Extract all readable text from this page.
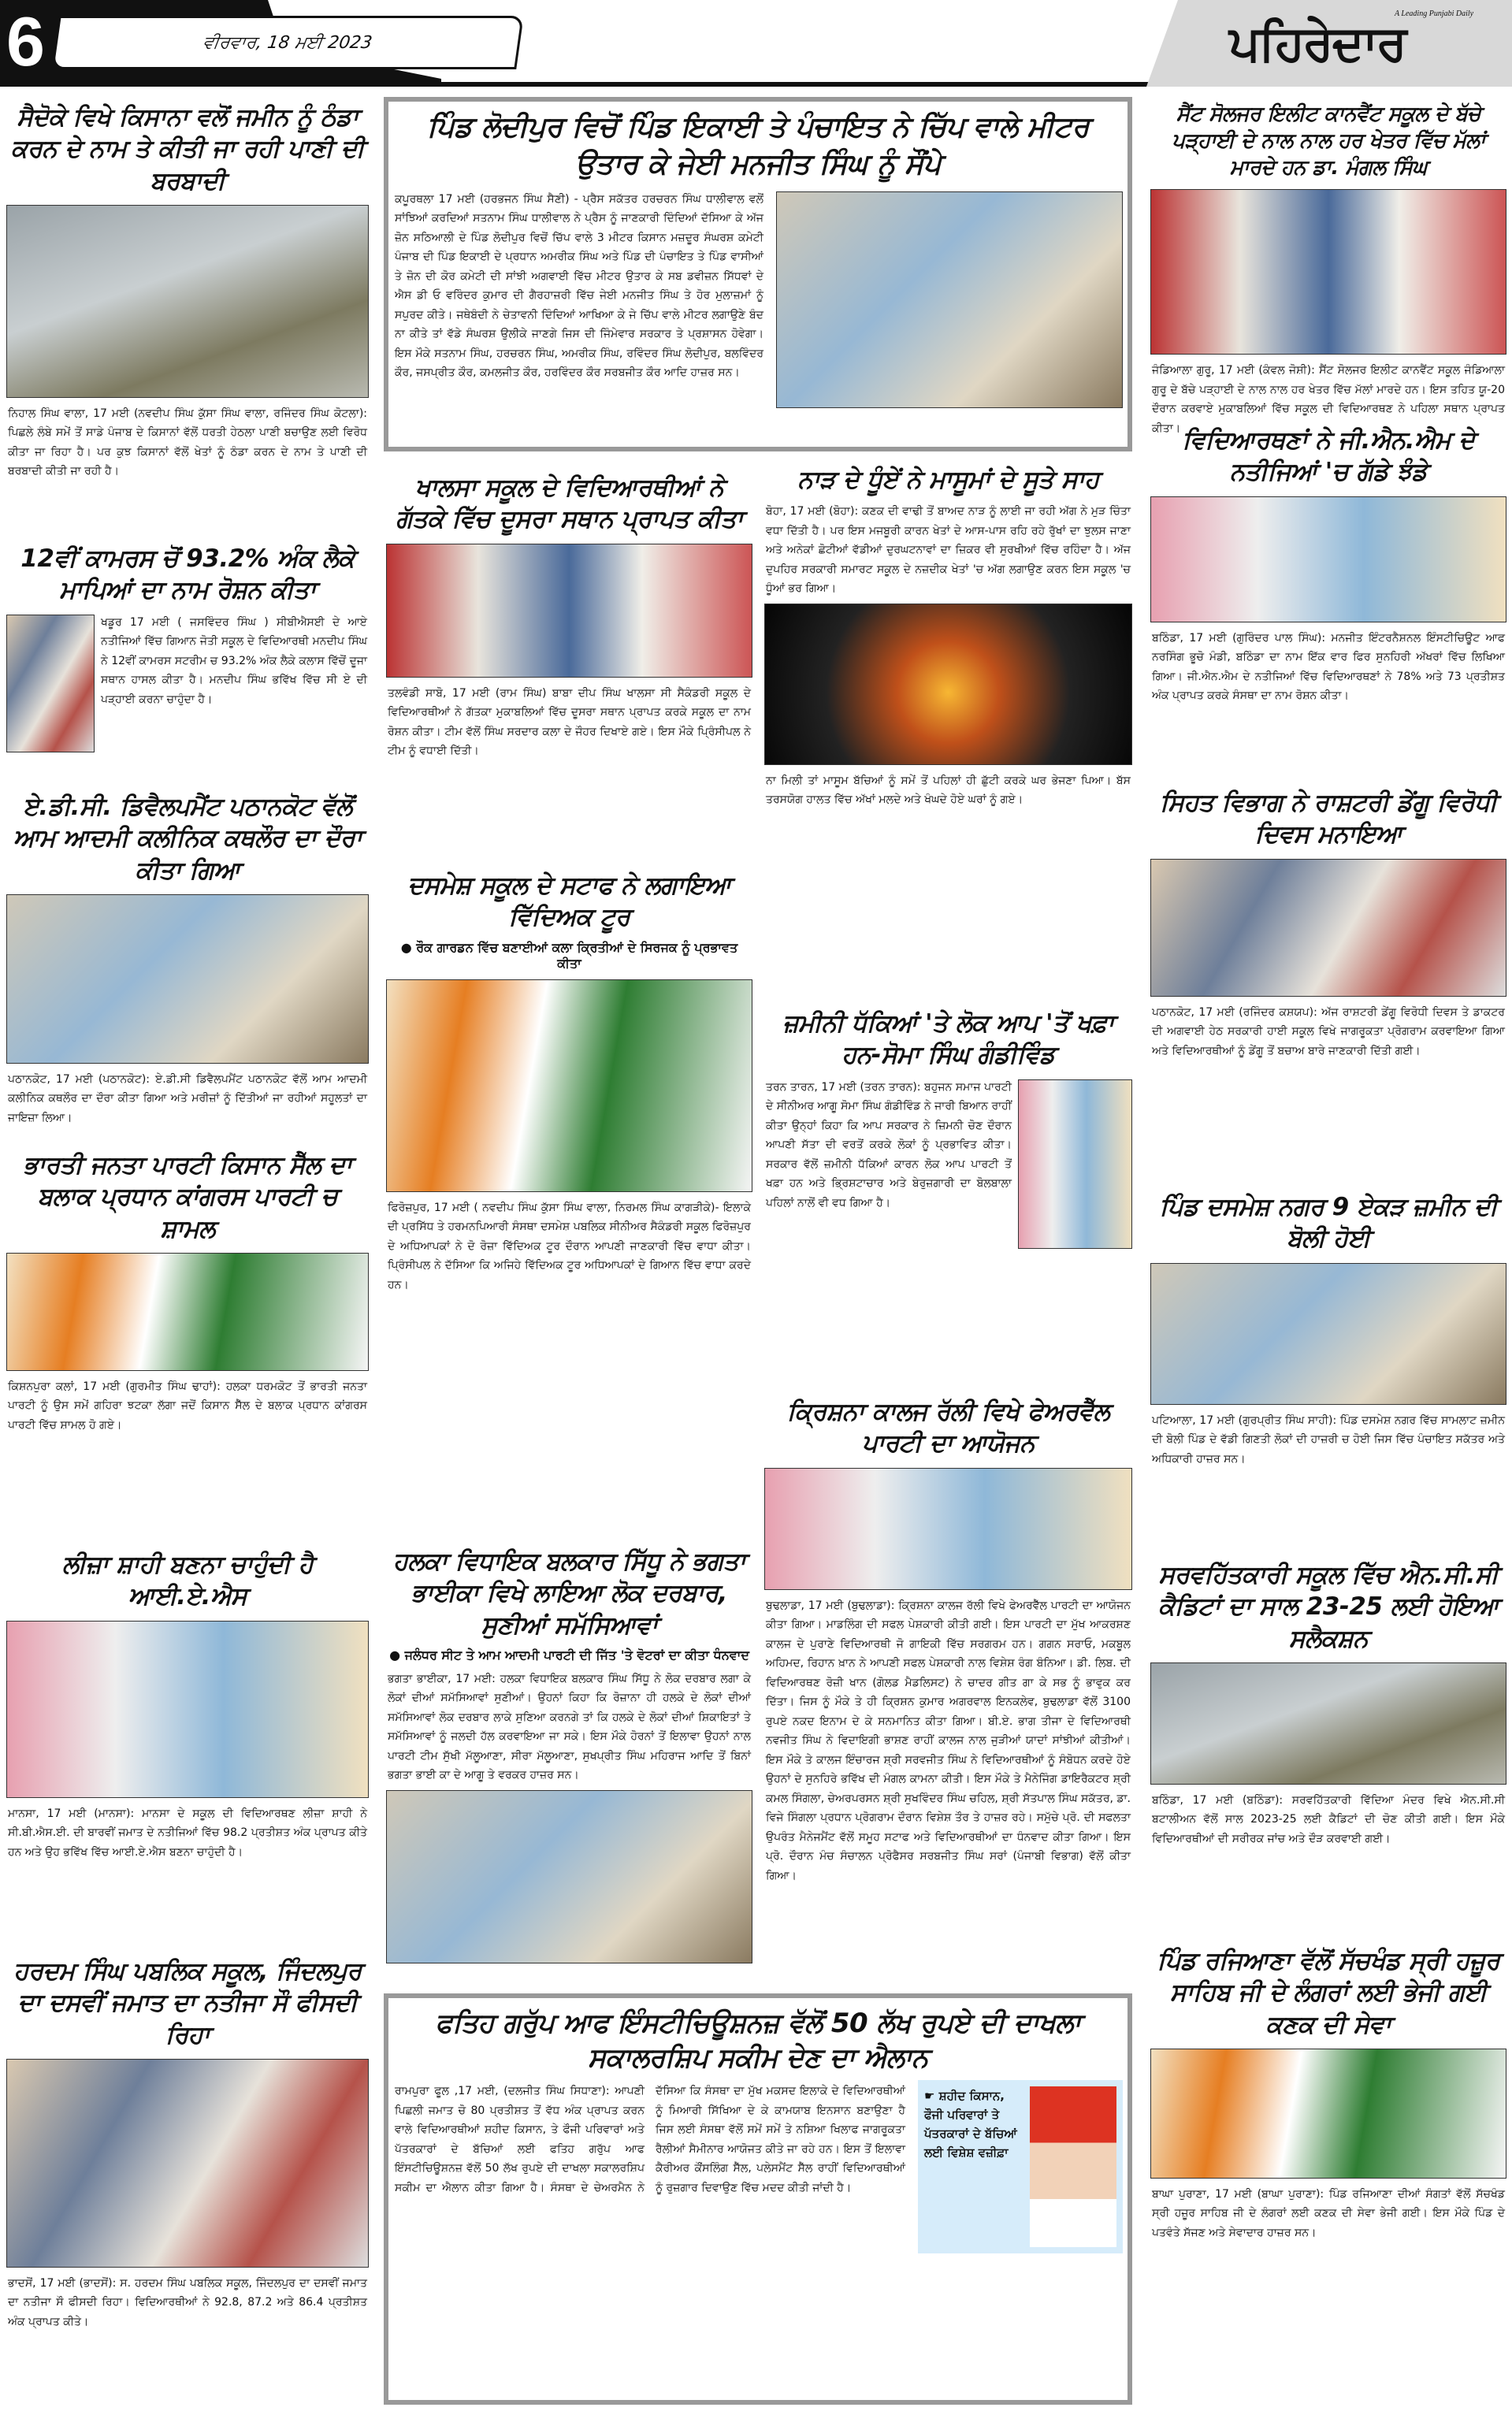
6	ਵੀਰਵਾਰ, 18 ਮਈ 2023	ਪਹਿਰੇਦਾਰ
A Leading Punjabi Daily
ਸੈਦੋਕੇ ਵਿਖੇ ਕਿਸਾਨਾ ਵਲੋਂ ਜਮੀਨ ਨੂੰ ਠੰਡਾ ਕਰਨ ਦੇ ਨਾਮ ਤੇ ਕੀਤੀ ਜਾ ਰਹੀ ਪਾਣੀ ਦੀ ਬਰਬਾਦੀ
ਨਿਹਾਲ ਸਿੰਘ ਵਾਲਾ, 17 ਮਈ (ਨਵਦੀਪ ਸਿੰਘ ਕੁੱਸਾ ਸਿੰਘ ਵਾਲਾ, ਰਜਿੰਦਰ ਸਿੰਘ ਕੋਟਲਾ): ਪਿਛਲੇ ਲੰਬੇ ਸਮੇਂ ਤੋਂ ਸਾਡੇ ਪੰਜਾਬ ਦੇ ਕਿਸਾਨਾਂ ਵੱਲੋਂ ਧਰਤੀ ਹੇਠਲਾ ਪਾਣੀ ਬਚਾਉਣ ਲਈ ਵਿਰੋਧ ਕੀਤਾ ਜਾ ਰਿਹਾ ਹੈ। ਪਰ ਕੁਝ ਕਿਸਾਨਾਂ ਵੱਲੋਂ ਖੇਤਾਂ ਨੂੰ ਠੰਡਾ ਕਰਨ ਦੇ ਨਾਮ ਤੇ ਪਾਣੀ ਦੀ ਬਰਬਾਦੀ ਕੀਤੀ ਜਾ ਰਹੀ ਹੈ।
12ਵੀਂ ਕਾਮਰਸ ਚੋਂ 93.2% ਅੰਕ ਲੈਕੇ ਮਾਪਿਆਂ ਦਾ ਨਾਮ ਰੋਸ਼ਨ ਕੀਤਾ
ਖਡੂਰ 17 ਮਈ ( ਜਸਵਿੰਦਰ ਸਿੰਘ ) ਸੀਬੀਐਸਈ ਦੇ ਆਏ ਨਤੀਜਿਆਂ ਵਿੱਚ ਗਿਆਨ ਜੋਤੀ ਸਕੂਲ ਦੇ ਵਿਦਿਆਰਥੀ ਮਨਦੀਪ ਸਿੰਘ ਨੇ 12ਵੀਂ ਕਾਮਰਸ ਸਟਰੀਮ ਚ 93.2% ਅੰਕ ਲੈਕੇ ਕਲਾਸ ਵਿੱਚੋਂ ਦੂਜਾ ਸਥਾਨ ਹਾਸਲ ਕੀਤਾ ਹੈ। ਮਨਦੀਪ ਸਿੰਘ ਭਵਿੱਖ ਵਿੱਚ ਸੀ ਏ ਦੀ ਪੜ੍ਹਾਈ ਕਰਨਾ ਚਾਹੁੰਦਾ ਹੈ।
ਏ.ਡੀ.ਸੀ. ਡਿਵੈਲਪਮੈਂਟ ਪਠਾਨਕੋਟ ਵੱਲੋਂ ਆਮ ਆਦਮੀ ਕਲੀਨਿਕ ਕਥਲੌਰ ਦਾ ਦੌਰਾ ਕੀਤਾ ਗਿਆ
ਪਠਾਨਕੋਟ, 17 ਮਈ (ਪਠਾਨਕੋਟ): ਏ.ਡੀ.ਸੀ ਡਿਵੈਲਪਮੈਂਟ ਪਠਾਨਕੋਟ ਵੱਲੋਂ ਆਮ ਆਦਮੀ ਕਲੀਨਿਕ ਕਥਲੌਰ ਦਾ ਦੌਰਾ ਕੀਤਾ ਗਿਆ ਅਤੇ ਮਰੀਜ਼ਾਂ ਨੂੰ ਦਿੱਤੀਆਂ ਜਾ ਰਹੀਆਂ ਸਹੂਲਤਾਂ ਦਾ ਜਾਇਜ਼ਾ ਲਿਆ।
ਭਾਰਤੀ ਜਨਤਾ ਪਾਰਟੀ ਕਿਸਾਨ ਸੈੱਲ ਦਾ ਬਲਾਕ ਪ੍ਰਧਾਨ ਕਾਂਗਰਸ ਪਾਰਟੀ ਚ ਸ਼ਾਮਲ
ਕਿਸ਼ਨਪੁਰਾ ਕਲਾਂ, 17 ਮਈ (ਗੁਰਮੀਤ ਸਿੰਘ ਢਾਹਾਂ): ਹਲਕਾ ਧਰਮਕੋਟ ਤੋਂ ਭਾਰਤੀ ਜਨਤਾ ਪਾਰਟੀ ਨੂੰ ਉਸ ਸਮੇਂ ਗਹਿਰਾ ਝਟਕਾ ਲੱਗਾ ਜਦੋਂ ਕਿਸਾਨ ਸੈੱਲ ਦੇ ਬਲਾਕ ਪ੍ਰਧਾਨ ਕਾਂਗਰਸ ਪਾਰਟੀ ਵਿੱਚ ਸ਼ਾਮਲ ਹੋ ਗਏ।
ਲੀਜ਼ਾ ਸ਼ਾਹੀ ਬਣਨਾ ਚਾਹੁੰਦੀ ਹੈ ਆਈ.ਏ.ਐਸ
ਮਾਨਸਾ, 17 ਮਈ (ਮਾਨਸਾ): ਮਾਨਸਾ ਦੇ ਸਕੂਲ ਦੀ ਵਿਦਿਆਰਥਣ ਲੀਜ਼ਾ ਸ਼ਾਹੀ ਨੇ ਸੀ.ਬੀ.ਐਸ.ਈ. ਦੀ ਬਾਰਵੀਂ ਜਮਾਤ ਦੇ ਨਤੀਜਿਆਂ ਵਿੱਚ 98.2 ਪ੍ਰਤੀਸ਼ਤ ਅੰਕ ਪ੍ਰਾਪਤ ਕੀਤੇ ਹਨ ਅਤੇ ਉਹ ਭਵਿੱਖ ਵਿੱਚ ਆਈ.ਏ.ਐਸ ਬਣਨਾ ਚਾਹੁੰਦੀ ਹੈ।
ਹਰਦਮ ਸਿੰਘ ਪਬਲਿਕ ਸਕੂਲ, ਜਿੰਦਲਪੁਰ ਦਾ ਦਸਵੀਂ ਜਮਾਤ ਦਾ ਨਤੀਜਾ ਸੌ ਫੀਸਦੀ ਰਿਹਾ
ਭਾਦਸੋਂ, 17 ਮਈ (ਭਾਦਸੋਂ): ਸ. ਹਰਦਮ ਸਿੰਘ ਪਬਲਿਕ ਸਕੂਲ, ਜਿੰਦਲਪੁਰ ਦਾ ਦਸਵੀਂ ਜਮਾਤ ਦਾ ਨਤੀਜਾ ਸੌ ਫੀਸਦੀ ਰਿਹਾ। ਵਿਦਿਆਰਥੀਆਂ ਨੇ 92.8, 87.2 ਅਤੇ 86.4 ਪ੍ਰਤੀਸ਼ਤ ਅੰਕ ਪ੍ਰਾਪਤ ਕੀਤੇ।
ਪਿੰਡ ਲੋਦੀਪੁਰ ਵਿਚੋਂ ਪਿੰਡ ਇਕਾਈ ਤੇ ਪੰਚਾਇਤ ਨੇ ਚਿੱਪ ਵਾਲੇ ਮੀਟਰ ਉਤਾਰ ਕੇ ਜੇਈ ਮਨਜੀਤ ਸਿੰਘ ਨੂੰ ਸੌਂਪੇ
ਕਪੂਰਥਲਾ 17 ਮਈ (ਹਰਭਜਨ ਸਿੰਘ ਸੈਣੀ) - ਪ੍ਰੈਸ ਸਕੱਤਰ ਹਰਚਰਨ ਸਿੰਘ ਧਾਲੀਵਾਲ ਵਲੋਂ ਸਾਂਝਿਆਂ ਕਰਦਿਆਂ ਸਤਨਾਮ ਸਿੰਘ ਧਾਲੀਵਾਲ ਨੇ ਪ੍ਰੈਸ ਨੂੰ ਜਾਣਕਾਰੀ ਦਿੰਦਿਆਂ ਦੱਸਿਆ ਕੇ ਅੱਜ ਜ਼ੋਨ ਸਠਿਆਲੀ ਦੇ ਪਿੰਡ ਲੋਦੀਪੁਰ ਵਿਚੋਂ ਚਿੱਪ ਵਾਲੇ 3 ਮੀਟਰ ਕਿਸਾਨ ਮਜ਼ਦੂਰ ਸੰਘਰਸ਼ ਕਮੇਟੀ ਪੰਜਾਬ ਦੀ ਪਿੰਡ ਇਕਾਈ ਦੇ ਪ੍ਰਧਾਨ ਅਮਰੀਕ ਸਿੰਘ ਅਤੇ ਪਿੰਡ ਦੀ ਪੰਚਾਇਤ ਤੇ ਪਿੰਡ ਵਾਸੀਆਂ ਤੇ ਜ਼ੋਨ ਦੀ ਕੋਰ ਕਮੇਟੀ ਦੀ ਸਾਂਝੀ ਅਗਵਾਈ ਵਿੱਚ ਮੀਟਰ ਉਤਾਰ ਕੇ ਸਬ ਡਵੀਜ਼ਨ ਸਿੱਧਵਾਂ ਦੇ ਐਸ ਡੀ ਓ ਵਰਿੰਦਰ ਕੁਮਾਰ ਦੀ ਗੈਰਹਾਜ਼ਰੀ ਵਿੱਚ ਜੇਈ ਮਨਜੀਤ ਸਿੰਘ ਤੇ ਹੋਰ ਮੁਲਾਜ਼ਮਾਂ ਨੂੰ ਸਪੁਰਦ ਕੀਤੇ। ਜਥੇਬੰਦੀ ਨੇ ਚੇਤਾਵਨੀ ਦਿੰਦਿਆਂ ਆਖਿਆ ਕੇ ਜੇ ਚਿੱਪ ਵਾਲੇ ਮੀਟਰ ਲਗਾਉਣੇ ਬੰਦ ਨਾ ਕੀਤੇ ਤਾਂ ਵੱਡੇ ਸੰਘਰਸ਼ ਉਲੀਕੇ ਜਾਣਗੇ ਜਿਸ ਦੀ ਜਿੰਮੇਵਾਰ ਸਰਕਾਰ ਤੇ ਪ੍ਰਸ਼ਾਸਨ ਹੋਵੇਗਾ। ਇਸ ਮੌਕੇ ਸਤਨਾਮ ਸਿੰਘ, ਹਰਚਰਨ ਸਿੰਘ, ਅਮਰੀਕ ਸਿੰਘ, ਰਵਿੰਦਰ ਸਿੰਘ ਲੋਦੀਪੁਰ, ਬਲਵਿੰਦਰ ਕੌਰ, ਜਸਪ੍ਰੀਤ ਕੌਰ, ਕਮਲਜੀਤ ਕੌਰ, ਹਰਵਿੰਦਰ ਕੌਰ ਸਰਬਜੀਤ ਕੌਰ ਆਦਿ ਹਾਜ਼ਰ ਸਨ।
ਖਾਲਸਾ ਸਕੂਲ ਦੇ ਵਿਦਿਆਰਥੀਆਂ ਨੇ ਗੱਤਕੇ ਵਿੱਚ ਦੂਸਰਾ ਸਥਾਨ ਪ੍ਰਾਪਤ ਕੀਤਾ
ਤਲਵੰਡੀ ਸਾਬੋ, 17 ਮਈ (ਰਾਮ ਸਿੰਘ) ਬਾਬਾ ਦੀਪ ਸਿੰਘ ਖਾਲਸਾ ਸੀ ਸੈਕੰਡਰੀ ਸਕੂਲ ਦੇ ਵਿਦਿਆਰਥੀਆਂ ਨੇ ਗੱਤਕਾ ਮੁਕਾਬਲਿਆਂ ਵਿੱਚ ਦੂਸਰਾ ਸਥਾਨ ਪ੍ਰਾਪਤ ਕਰਕੇ ਸਕੂਲ ਦਾ ਨਾਮ ਰੋਸ਼ਨ ਕੀਤਾ। ਟੀਮ ਵੱਲੋਂ ਸਿੰਘ ਸਰਦਾਰ ਕਲਾ ਦੇ ਜੌਹਰ ਦਿਖਾਏ ਗਏ। ਇਸ ਮੌਕੇ ਪ੍ਰਿੰਸੀਪਲ ਨੇ ਟੀਮ ਨੂੰ ਵਧਾਈ ਦਿੱਤੀ।
ਦਸਮੇਸ਼ ਸਕੂਲ ਦੇ ਸਟਾਫ ਨੇ ਲਗਾਇਆ ਵਿੱਦਿਅਕ ਟੂਰ
● ਰੌਕ ਗਾਰਡਨ ਵਿੱਚ ਬਣਾਈਆਂ ਕਲਾ ਕ੍ਰਿਤੀਆਂ ਦੇ ਸਿਰਜਕ ਨੂੰ ਪ੍ਰਭਾਵਤ ਕੀਤਾ
ਫਿਰੋਜ਼ਪੁਰ, 17 ਮਈ ( ਨਵਦੀਪ ਸਿੰਘ ਕੁੱਸਾ ਸਿੰਘ ਵਾਲਾ, ਨਿਰਮਲ ਸਿੰਘ ਕਾਗੜੀਕੇ)- ਇਲਾਕੇ ਦੀ ਪ੍ਰਸਿੱਧ ਤੇ ਹਰਮਨਪਿਆਰੀ ਸੰਸਥਾ ਦਸਮੇਸ਼ ਪਬਲਿਕ ਸੀਨੀਅਰ ਸੈਕੰਡਰੀ ਸਕੂਲ ਫਿਰੋਜ਼ਪੁਰ ਦੇ ਅਧਿਆਪਕਾਂ ਨੇ ਦੋ ਰੋਜ਼ਾ ਵਿੱਦਿਅਕ ਟੂਰ ਦੌਰਾਨ ਆਪਣੀ ਜਾਣਕਾਰੀ ਵਿੱਚ ਵਾਧਾ ਕੀਤਾ। ਪ੍ਰਿੰਸੀਪਲ ਨੇ ਦੱਸਿਆ ਕਿ ਅਜਿਹੇ ਵਿੱਦਿਅਕ ਟੂਰ ਅਧਿਆਪਕਾਂ ਦੇ ਗਿਆਨ ਵਿੱਚ ਵਾਧਾ ਕਰਦੇ ਹਨ।
ਹਲਕਾ ਵਿਧਾਇਕ ਬਲਕਾਰ ਸਿੱਧੂ ਨੇ ਭਗਤਾ ਭਾਈਕਾ ਵਿਖੇ ਲਾਇਆ ਲੋਕ ਦਰਬਾਰ, ਸੁਣੀਆਂ ਸਮੱਸਿਆਵਾਂ
● ਜਲੰਧਰ ਸੀਟ ਤੇ ਆਮ ਆਦਮੀ ਪਾਰਟੀ ਦੀ ਜਿੱਤ 'ਤੇ ਵੋਟਰਾਂ ਦਾ ਕੀਤਾ ਧੰਨਵਾਦ
ਭਗਤਾ ਭਾਈਕਾ, 17 ਮਈ: ਹਲਕਾ ਵਿਧਾਇਕ ਬਲਕਾਰ ਸਿੰਘ ਸਿੱਧੂ ਨੇ ਲੋਕ ਦਰਬਾਰ ਲਗਾ ਕੇ ਲੋਕਾਂ ਦੀਆਂ ਸਮੱਸਿਆਵਾਂ ਸੁਣੀਆਂ। ਉਹਨਾਂ ਕਿਹਾ ਕਿ ਰੋਜ਼ਾਨਾ ਹੀ ਹਲਕੇ ਦੇ ਲੋਕਾਂ ਦੀਆਂ ਸਮੱਸਿਆਵਾਂ ਲੋਕ ਦਰਬਾਰ ਲਾਕੇ ਸੁਣਿਆ ਕਰਨਗੇ ਤਾਂ ਕਿ ਹਲਕੇ ਦੇ ਲੋਕਾਂ ਦੀਆਂ ਸ਼ਿਕਾਇਤਾਂ ਤੇ ਸਮੱਸਿਆਵਾਂ ਨੂੰ ਜਲਦੀ ਹੱਲ ਕਰਵਾਇਆ ਜਾ ਸਕੇ। ਇਸ ਮੌਕੇ ਹੋਰਨਾਂ ਤੋਂ ਇਲਾਵਾ ਉਹਨਾਂ ਨਾਲ ਪਾਰਟੀ ਟੀਮ ਸੁੱਖੀ ਮੱਲੂਆਣਾ, ਸੀਰਾ ਮੱਲੂਆਣਾ, ਸੁਖਪ੍ਰੀਤ ਸਿੰਘ ਮਹਿਰਾਜ ਆਦਿ ਤੋਂ ਬਿਨਾਂ ਭਗਤਾ ਭਾਈ ਕਾ ਦੇ ਆਗੂ ਤੇ ਵਰਕਰ ਹਾਜ਼ਰ ਸਨ।
ਨਾੜ ਦੇ ਧੂੰਏਂ ਨੇ ਮਾਸੂਮਾਂ ਦੇ ਸੂਤੇ ਸਾਹ
ਬੋਹਾ, 17 ਮਈ (ਬੋਹਾ): ਕਣਕ ਦੀ ਵਾਢੀ ਤੋਂ ਬਾਅਦ ਨਾੜ ਨੂੰ ਲਾਈ ਜਾ ਰਹੀ ਅੱਗ ਨੇ ਮੁੜ ਚਿੰਤਾ ਵਧਾ ਦਿੱਤੀ ਹੈ। ਪਰ ਇਸ ਮਜਬੂਰੀ ਕਾਰਨ ਖੇਤਾਂ ਦੇ ਆਸ-ਪਾਸ ਰਹਿ ਰਹੇ ਰੁੱਖਾਂ ਦਾ ਝੁਲਸ ਜਾਣਾ ਅਤੇ ਅਨੇਕਾਂ ਛੋਟੀਆਂ ਵੱਡੀਆਂ ਦੁਰਘਟਨਾਵਾਂ ਦਾ ਜ਼ਿਕਰ ਵੀ ਸੁਰਖੀਆਂ ਵਿੱਚ ਰਹਿੰਦਾ ਹੈ। ਅੱਜ ਦੁਪਹਿਰ ਸਰਕਾਰੀ ਸਮਾਰਟ ਸਕੂਲ ਦੇ ਨਜ਼ਦੀਕ ਖੇਤਾਂ 'ਚ ਅੱਗ ਲਗਾਉਣ ਕਰਨ ਇਸ ਸਕੂਲ 'ਚ ਧੂੰਆਂ ਭਰ ਗਿਆ।
ਨਾ ਮਿਲੀ ਤਾਂ ਮਾਸੂਮ ਬੱਚਿਆਂ ਨੂੰ ਸਮੇਂ ਤੋਂ ਪਹਿਲਾਂ ਹੀ ਛੁੱਟੀ ਕਰਕੇ ਘਰ ਭੇਜਣਾ ਪਿਆ। ਬੱਸ ਤਰਸਯੋਗ ਹਾਲਤ ਵਿੱਚ ਅੱਖਾਂ ਮਲਦੇ ਅਤੇ ਖੰਘਦੇ ਹੋਏ ਘਰਾਂ ਨੂੰ ਗਏ।
ਜ਼ਮੀਨੀ ਧੱਕਿਆਂ 'ਤੇ ਲੋਕ ਆਪ 'ਤੋਂ ਖਫ਼ਾ ਹਨ-ਸੋਮਾ ਸਿੰਘ ਗੰਡੀਵਿੰਡ
ਤਰਨ ਤਾਰਨ, 17 ਮਈ (ਤਰਨ ਤਾਰਨ): ਬਹੁਜਨ ਸਮਾਜ ਪਾਰਟੀ ਦੇ ਸੀਨੀਅਰ ਆਗੂ ਸੋਮਾ ਸਿੰਘ ਗੰਡੀਵਿੰਡ ਨੇ ਜਾਰੀ ਬਿਆਨ ਰਾਹੀਂ ਕੀਤਾ ਉਨ੍ਹਾਂ ਕਿਹਾ ਕਿ ਆਪ ਸਰਕਾਰ ਨੇ ਜ਼ਿਮਨੀ ਚੋਣ ਦੌਰਾਨ ਆਪਣੀ ਸੱਤਾ ਦੀ ਵਰਤੋਂ ਕਰਕੇ ਲੋਕਾਂ ਨੂੰ ਪ੍ਰਭਾਵਿਤ ਕੀਤਾ। ਸਰਕਾਰ ਵੱਲੋਂ ਜ਼ਮੀਨੀ ਧੱਕਿਆਂ ਕਾਰਨ ਲੋਕ ਆਪ ਪਾਰਟੀ ਤੋਂ ਖਫ਼ਾ ਹਨ ਅਤੇ ਭ੍ਰਿਸ਼ਟਾਚਾਰ ਅਤੇ ਬੇਰੁਜ਼ਗਾਰੀ ਦਾ ਬੋਲਬਾਲਾ ਪਹਿਲਾਂ ਨਾਲੋਂ ਵੀ ਵਧ ਗਿਆ ਹੈ।
ਕ੍ਰਿਸ਼ਨਾ ਕਾਲਜ ਰੱਲੀ ਵਿਖੇ ਫੇਅਰਵੈੱਲ ਪਾਰਟੀ ਦਾ ਆਯੋਜਨ
ਬੁਢਲਾਡਾ, 17 ਮਈ (ਬੁਢਲਾਡਾ): ਕ੍ਰਿਸ਼ਨਾ ਕਾਲਜ ਰੱਲੀ ਵਿਖੇ ਫੇਅਰਵੈੱਲ ਪਾਰਟੀ ਦਾ ਆਯੋਜਨ ਕੀਤਾ ਗਿਆ। ਮਾਡਲਿੰਗ ਦੀ ਸਫਲ ਪੇਸ਼ਕਾਰੀ ਕੀਤੀ ਗਈ। ਇਸ ਪਾਰਟੀ ਦਾ ਮੁੱਖ ਆਕਰਸ਼ਣ ਕਾਲਜ ਦੇ ਪੁਰਾਣੇ ਵਿਦਿਆਰਥੀ ਜੋ ਗਾਇਕੀ ਵਿੱਚ ਸਰਗਰਮ ਹਨ। ਗਗਨ ਸਰਾਓ, ਮਕਬੂਲ ਅਹਿਮਦ, ਰਿਹਾਨ ਖ਼ਾਨ ਨੇ ਆਪਣੀ ਸਫਲ ਪੇਸ਼ਕਾਰੀ ਨਾਲ ਵਿਸ਼ੇਸ਼ ਰੰਗ ਬੰਨਿਆ। ਡੀ. ਲਿਬ. ਦੀ ਵਿਦਿਆਰਥਣ ਰੋਜ਼ੀ ਖਾਨ (ਗੋਲਡ ਮੈਡਲਿਸਟ) ਨੇ ਚਾਦਰ ਗੀਤ ਗਾ ਕੇ ਸਭ ਨੂੰ ਭਾਵੁਕ ਕਰ ਦਿੱਤਾ। ਜਿਸ ਨੂੰ ਮੌਕੇ ਤੇ ਹੀ ਕ੍ਰਿਸ਼ਨ ਕੁਮਾਰ ਅਗਰਵਾਲ ਇਨਕਲੇਵ, ਬੁਢਲਾਡਾ ਵੱਲੋਂ 3100 ਰੁਪਏ ਨਕਦ ਇਨਾਮ ਦੇ ਕੇ ਸਨਮਾਨਿਤ ਕੀਤਾ ਗਿਆ। ਬੀ.ਏ. ਭਾਗ ਤੀਜਾ ਦੇ ਵਿਦਿਆਰਥੀ ਨਵਜੀਤ ਸਿੰਘ ਨੇ ਵਿਦਾਇਗੀ ਭਾਸ਼ਣ ਰਾਹੀਂ ਕਾਲਜ ਨਾਲ ਜੁੜੀਆਂ ਯਾਦਾਂ ਸਾਂਝੀਆਂ ਕੀਤੀਆਂ। ਇਸ ਮੌਕੇ ਤੇ ਕਾਲਜ ਇੰਚਾਰਜ ਸ਼੍ਰੀ ਸਰਵਜੀਤ ਸਿੰਘ ਨੇ ਵਿਦਿਆਰਥੀਆਂ ਨੂੰ ਸੰਬੋਧਨ ਕਰਦੇ ਹੋਏ ਉਹਨਾਂ ਦੇ ਸੁਨਹਿਰੇ ਭਵਿੱਖ ਦੀ ਮੰਗਲ ਕਾਮਨਾ ਕੀਤੀ। ਇਸ ਮੌਕੇ ਤੇ ਮੈਨੇਜਿੰਗ ਡਾਇਰੈਕਟਰ ਸ਼੍ਰੀ ਕਮਲ ਸਿੰਗਲਾ, ਚੇਅਰਪਰਸਨ ਸ਼੍ਰੀ ਸੁਖਵਿੰਦਰ ਸਿੰਘ ਚਹਿਲ, ਸ਼੍ਰੀ ਸੱਤਪਾਲ ਸਿੰਘ ਸਕੱਤਰ, ਡਾ. ਵਿਜੇ ਸਿੰਗਲਾ ਪ੍ਰਧਾਨ ਪ੍ਰੋਗਰਾਮ ਦੌਰਾਨ ਵਿਸ਼ੇਸ਼ ਤੌਰ ਤੇ ਹਾਜ਼ਰ ਰਹੇ। ਸਮੁੱਚੇ ਪ੍ਰੋ. ਦੀ ਸਫਲਤਾ ਉਪਰੰਤ ਮੈਨੇਜਮੈਂਟ ਵੱਲੋਂ ਸਮੂਹ ਸਟਾਫ ਅਤੇ ਵਿਦਿਆਰਥੀਆਂ ਦਾ ਧੰਨਵਾਦ ਕੀਤਾ ਗਿਆ। ਇਸ ਪ੍ਰੋ. ਦੌਰਾਨ ਮੰਚ ਸੰਚਾਲਨ ਪ੍ਰੋਫੈਸਰ ਸਰਬਜੀਤ ਸਿੰਘ ਸਰਾਂ (ਪੰਜਾਬੀ ਵਿਭਾਗ) ਵੱਲੋਂ ਕੀਤਾ ਗਿਆ।
ਫਤਿਹ ਗਰੁੱਪ ਆਫ ਇੰਸਟੀਚਿਊਸ਼ਨਜ਼ ਵੱਲੋਂ 50 ਲੱਖ ਰੁਪਏ ਦੀ ਦਾਖਲਾ ਸਕਾਲਰਸ਼ਿਪ ਸਕੀਮ ਦੇਣ ਦਾ ਐਲਾਨ
ਰਾਮਪੁਰਾ ਫੂਲ ,17 ਮਈ, (ਦਲਜੀਤ ਸਿੰਘ ਸਿਧਾਣਾ): ਆਪਣੀ ਪਿਛਲੀ ਜਮਾਤ ਚੋ 80 ਪ੍ਰਤੀਸ਼ਤ ਤੋਂ ਵੱਧ ਅੰਕ ਪ੍ਰਾਪਤ ਕਰਨ ਵਾਲੇ ਵਿਦਿਆਰਥੀਆਂ ਸ਼ਹੀਦ ਕਿਸਾਨ, ਤੇ ਫੌਜੀ ਪਰਿਵਾਰਾਂ ਅਤੇ ਪੱਤਰਕਾਰਾਂ ਦੇ ਬੱਚਿਆਂ ਲਈ ਫਤਿਹ ਗਰੁੱਪ ਆਫ ਇੰਸਟੀਚਿਊਸ਼ਨਜ਼ ਵੱਲੋਂ 50 ਲੱਖ ਰੁਪਏ ਦੀ ਦਾਖਲਾ ਸਕਾਲਰਸ਼ਿਪ ਸਕੀਮ ਦਾ ਐਲਾਨ ਕੀਤਾ ਗਿਆ ਹੈ। ਸੰਸਥਾ ਦੇ ਚੇਅਰਮੈਨ ਨੇ ਦੱਸਿਆ ਕਿ ਸੰਸਥਾ ਦਾ ਮੁੱਖ ਮਕਸਦ ਇਲਾਕੇ ਦੇ ਵਿਦਿਆਰਥੀਆਂ ਨੂੰ ਮਿਆਰੀ ਸਿੱਖਿਆ ਦੇ ਕੇ ਕਾਮਯਾਬ ਇਨਸਾਨ ਬਣਾਉਣਾ ਹੈ ਜਿਸ ਲਈ ਸੰਸਥਾ ਵੱਲੋਂ ਸਮੇਂ ਸਮੇਂ ਤੇ ਨਸ਼ਿਆ ਖਿਲਾਫ ਜਾਗਰੂਕਤਾ ਰੈਲੀਆਂ ਸੈਮੀਨਾਰ ਆਯੋਜਤ ਕੀਤੇ ਜਾ ਰਹੇ ਹਨ। ਇਸ ਤੋਂ ਇਲਾਵਾ ਕੈਰੀਅਰ ਕੌਂਸਲਿੰਗ ਸੈੱਲ, ਪਲੇਸਮੈਂਟ ਸੈੱਲ ਰਾਹੀਂ ਵਿਦਿਆਰਥੀਆਂ ਨੂੰ ਰੁਜ਼ਗਾਰ ਦਿਵਾਉਣ ਵਿੱਚ ਮਦਦ ਕੀਤੀ ਜਾਂਦੀ ਹੈ।
☛ ਸ਼ਹੀਦ ਕਿਸਾਨ, ਫੌਜੀ ਪਰਿਵਾਰਾਂ ਤੇ ਪੱਤਰਕਾਰਾਂ ਦੇ ਬੱਚਿਆਂ ਲਈ ਵਿਸ਼ੇਸ਼ ਵਜ਼ੀਫ਼ਾ
ਸੈਂਟ ਸੋਲਜਰ ਇਲੀਟ ਕਾਨਵੈਂਟ ਸਕੂਲ ਦੇ ਬੱਚੇ ਪੜ੍ਹਾਈ ਦੇ ਨਾਲ ਨਾਲ ਹਰ ਖੇਤਰ ਵਿੱਚ ਮੱਲਾਂ ਮਾਰਦੇ ਹਨ ਡਾ. ਮੰਗਲ ਸਿੰਘ
ਜੰਡਿਆਲਾ ਗੁਰੂ, 17 ਮਈ (ਕੰਵਲ ਜੋਸ਼ੀ): ਸੈਂਟ ਸੋਲਜਰ ਇਲੀਟ ਕਾਨਵੈਂਟ ਸਕੂਲ ਜੰਡਿਆਲਾ ਗੁਰੂ ਦੇ ਬੱਚੇ ਪੜ੍ਹਾਈ ਦੇ ਨਾਲ ਨਾਲ ਹਰ ਖੇਤਰ ਵਿੱਚ ਮੱਲਾਂ ਮਾਰਦੇ ਹਨ। ਇਸ ਤਹਿਤ ਯੂ-20 ਦੌਰਾਨ ਕਰਵਾਏ ਮੁਕਾਬਲਿਆਂ ਵਿੱਚ ਸਕੂਲ ਦੀ ਵਿਦਿਆਰਥਣ ਨੇ ਪਹਿਲਾ ਸਥਾਨ ਪ੍ਰਾਪਤ ਕੀਤਾ। ਵਿਦਿਆਰਥਣਾਂ ਨੇ ਜੀ.ਐਨ.ਐਮ ਦੇ ਨਤੀਜਿਆਂ 'ਚ ਗੱਡੇ ਝੰਡੇ
ਬਠਿੰਡਾ, 17 ਮਈ (ਗੁਰਿੰਦਰ ਪਾਲ ਸਿੰਘ): ਮਨਜੀਤ ਇੰਟਰਨੈਸ਼ਨਲ ਇੰਸਟੀਚਿਊਟ ਆਫ ਨਰਸਿੰਗ ਭੂਚੋ ਮੰਡੀ, ਬਠਿੰਡਾ ਦਾ ਨਾਮ ਇੱਕ ਵਾਰ ਫਿਰ ਸੁਨਹਿਰੀ ਅੱਖਰਾਂ ਵਿੱਚ ਲਿਖਿਆ ਗਿਆ। ਜੀ.ਐਨ.ਐਮ ਦੇ ਨਤੀਜਿਆਂ ਵਿੱਚ ਵਿਦਿਆਰਥਣਾਂ ਨੇ 78% ਅਤੇ 73 ਪ੍ਰਤੀਸ਼ਤ ਅੰਕ ਪ੍ਰਾਪਤ ਕਰਕੇ ਸੰਸਥਾ ਦਾ ਨਾਮ ਰੋਸ਼ਨ ਕੀਤਾ।
ਸਿਹਤ ਵਿਭਾਗ ਨੇ ਰਾਸ਼ਟਰੀ ਡੇਂਗੂ ਵਿਰੋਧੀ ਦਿਵਸ ਮਨਾਇਆ
ਪਠਾਨਕੋਟ, 17 ਮਈ (ਰਜਿੰਦਰ ਕਸ਼ਯਪ): ਅੱਜ ਰਾਸ਼ਟਰੀ ਡੇਂਗੂ ਵਿਰੋਧੀ ਦਿਵਸ ਤੇ ਡਾਕਟਰ ਦੀ ਅਗਵਾਈ ਹੇਠ ਸਰਕਾਰੀ ਹਾਈ ਸਕੂਲ ਵਿਖੇ ਜਾਗਰੂਕਤਾ ਪ੍ਰੋਗਰਾਮ ਕਰਵਾਇਆ ਗਿਆ ਅਤੇ ਵਿਦਿਆਰਥੀਆਂ ਨੂੰ ਡੇਂਗੂ ਤੋਂ ਬਚਾਅ ਬਾਰੇ ਜਾਣਕਾਰੀ ਦਿੱਤੀ ਗਈ।
ਪਿੰਡ ਦਸਮੇਸ਼ ਨਗਰ 9 ਏਕੜ ਜ਼ਮੀਨ ਦੀ ਬੋਲੀ ਹੋਈ
ਪਟਿਆਲਾ, 17 ਮਈ (ਗੁਰਪ੍ਰੀਤ ਸਿੰਘ ਸਾਹੀ): ਪਿੰਡ ਦਸਮੇਸ਼ ਨਗਰ ਵਿੱਚ ਸਾਮਲਾਟ ਜ਼ਮੀਨ ਦੀ ਬੋਲੀ ਪਿੰਡ ਦੇ ਵੱਡੀ ਗਿਣਤੀ ਲੋਕਾਂ ਦੀ ਹਾਜ਼ਰੀ ਚ ਹੋਈ ਜਿਸ ਵਿੱਚ ਪੰਚਾਇਤ ਸਕੱਤਰ ਅਤੇ ਅਧਿਕਾਰੀ ਹਾਜ਼ਰ ਸਨ।
ਸਰਵਹਿੱਤਕਾਰੀ ਸਕੂਲ ਵਿੱਚ ਐਨ.ਸੀ.ਸੀ ਕੈਡਿਟਾਂ ਦਾ ਸਾਲ 23-25 ਲਈ ਹੋਇਆ ਸਲੈਕਸ਼ਨ
ਬਠਿੰਡਾ, 17 ਮਈ (ਬਠਿੰਡਾ): ਸਰਵਹਿੱਤਕਾਰੀ ਵਿੱਦਿਆ ਮੰਦਰ ਵਿਖੇ ਐਨ.ਸੀ.ਸੀ ਬਟਾਲੀਅਨ ਵੱਲੋਂ ਸਾਲ 2023-25 ਲਈ ਕੈਡਿਟਾਂ ਦੀ ਚੋਣ ਕੀਤੀ ਗਈ। ਇਸ ਮੌਕੇ ਵਿਦਿਆਰਥੀਆਂ ਦੀ ਸਰੀਰਕ ਜਾਂਚ ਅਤੇ ਦੌੜ ਕਰਵਾਈ ਗਈ।
ਪਿੰਡ ਰਜਿਆਣਾ ਵੱਲੋਂ ਸੱਚਖੰਡ ਸ੍ਰੀ ਹਜ਼ੂਰ ਸਾਹਿਬ ਜੀ ਦੇ ਲੰਗਰਾਂ ਲਈ ਭੇਜੀ ਗਈ ਕਣਕ ਦੀ ਸੇਵਾ
ਬਾਘਾ ਪੁਰਾਣਾ, 17 ਮਈ (ਬਾਘਾ ਪੁਰਾਣਾ): ਪਿੰਡ ਰਜਿਆਣਾ ਦੀਆਂ ਸੰਗਤਾਂ ਵੱਲੋਂ ਸੱਚਖੰਡ ਸ੍ਰੀ ਹਜ਼ੂਰ ਸਾਹਿਬ ਜੀ ਦੇ ਲੰਗਰਾਂ ਲਈ ਕਣਕ ਦੀ ਸੇਵਾ ਭੇਜੀ ਗਈ। ਇਸ ਮੌਕੇ ਪਿੰਡ ਦੇ ਪਤਵੰਤੇ ਸੱਜਣ ਅਤੇ ਸੇਵਾਦਾਰ ਹਾਜ਼ਰ ਸਨ।
